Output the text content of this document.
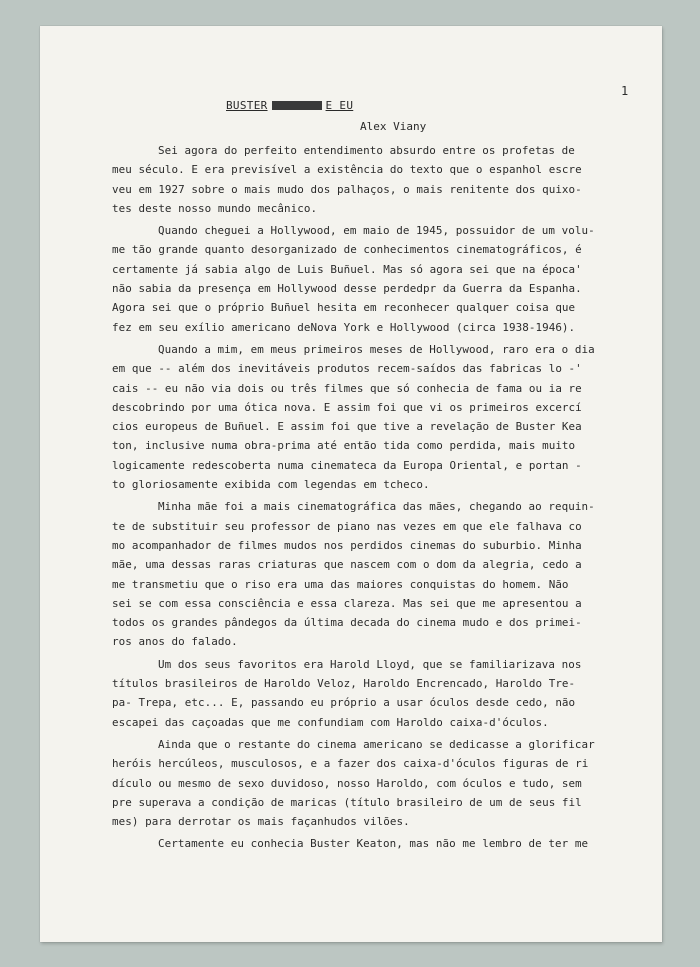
1
BUSTER	E EU
Alex Viany
Sei agora do perfeito entendimento absurdo entre os profetas de
meu século. E era previsível a existência do texto que o espanhol escre
veu em 1927 sobre o mais mudo dos palhaços, o mais renitente dos quixo-
tes deste nosso mundo mecânico.
Quando cheguei a Hollywood, em maio de 1945, possuidor de um volu-
me tão grande quanto desorganizado de conhecimentos cinematográficos, é
certamente já sabia algo de Luis Buñuel. Mas só agora sei que na época'
não sabia da presença em Hollywood desse perdedpr da Guerra da Espanha.
Agora sei que o próprio Buñuel hesita em reconhecer qualquer coisa que
fez em seu exílio americano deNova York e Hollywood (circa 1938-1946).
Quando a mim, em meus primeiros meses de Hollywood, raro era o dia
em que -- além dos inevitáveis produtos recem-saídos das fabricas lo -'
cais -- eu não via dois ou três filmes que só conhecia de fama ou ia re
descobrindo por uma ótica nova. E assim foi que vi os primeiros excercí
cios europeus de Buñuel. E assim foi que tive a revelação de Buster Kea
ton, inclusive numa obra-prima até então tida como perdida, mais muito
logicamente redescoberta numa cinemateca da Europa Oriental, e portan -
to gloriosamente exibida com legendas em tcheco.
Minha mãe foi a mais cinematográfica das mães, chegando ao requin-
te de substituir seu professor de piano nas vezes em que ele falhava co
mo acompanhador de filmes mudos nos perdidos cinemas do suburbio. Minha
mãe, uma dessas raras criaturas que nascem com o dom da alegria, cedo a
me transmetiu que o riso era uma das maiores conquistas do homem. Não
sei se com essa consciência e essa clareza. Mas sei que me apresentou a
todos os grandes pândegos da última decada do cinema mudo e dos primei-
ros anos do falado.
Um dos seus favoritos era Harold Lloyd, que se familiarizava nos
títulos brasileiros de Haroldo Veloz, Haroldo Encrencado, Haroldo Tre-
pa- Trepa, etc... E, passando eu próprio a usar óculos desde cedo, não
escapei das caçoadas que me confundiam com Haroldo caixa-d'óculos.
Ainda que o restante do cinema americano se dedicasse a glorificar
heróis hercúleos, musculosos, e a fazer dos caixa-d'óculos figuras de ri
dículo ou mesmo de sexo duvidoso, nosso Haroldo, com óculos e tudo, sem
pre superava a condição de maricas (título brasileiro de um de seus fil
mes) para derrotar os mais façanhudos vilões.
Certamente eu conhecia Buster Keaton, mas não me lembro de ter me
